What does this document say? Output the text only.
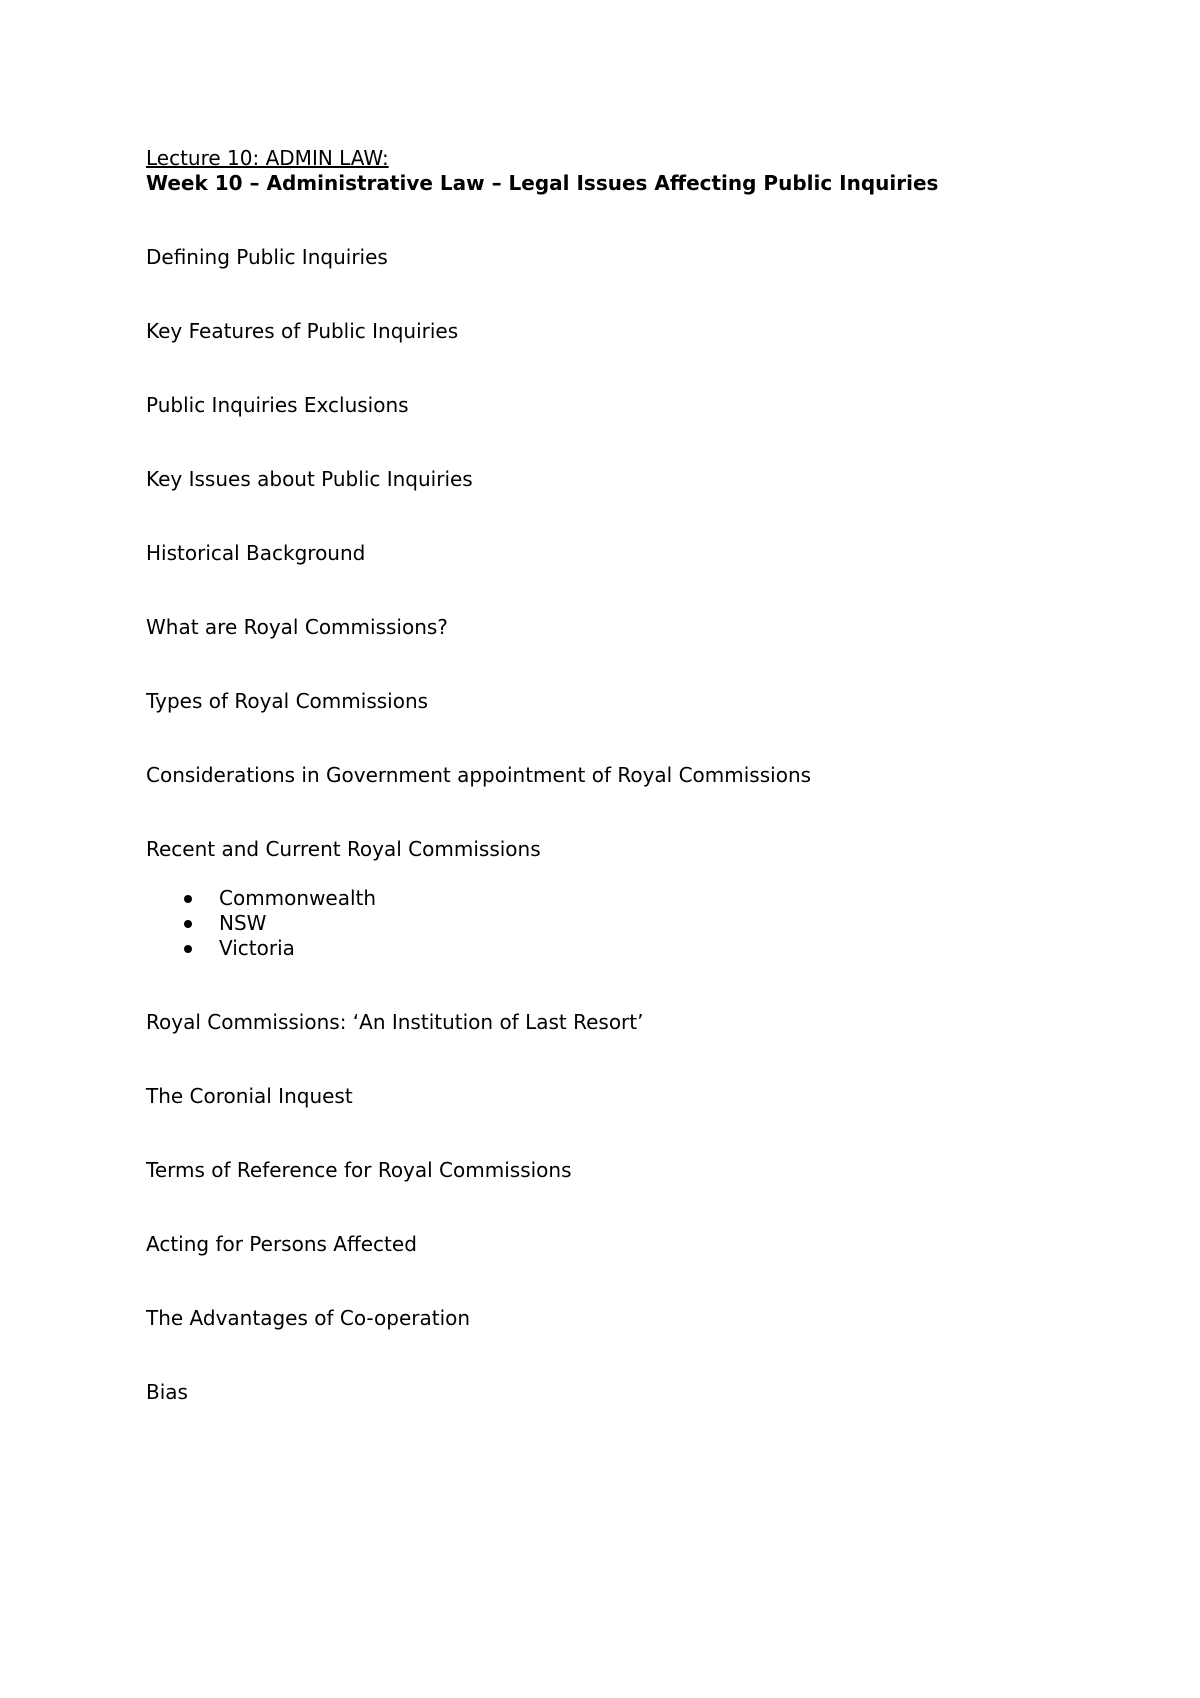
Lecture 10: ADMIN LAW:
Week 10 – Administrative Law – Legal Issues Affecting Public Inquiries
Defining Public Inquiries
Key Features of Public Inquiries
Public Inquiries Exclusions
Key Issues about Public Inquiries
Historical Background
What are Royal Commissions?
Types of Royal Commissions
Considerations in Government appointment of Royal Commissions
Recent and Current Royal Commissions
Commonwealth
NSW
Victoria
Royal Commissions: ‘An Institution of Last Resort’
The Coronial Inquest
Terms of Reference for Royal Commissions
Acting for Persons Affected
The Advantages of Co-operation
Bias
